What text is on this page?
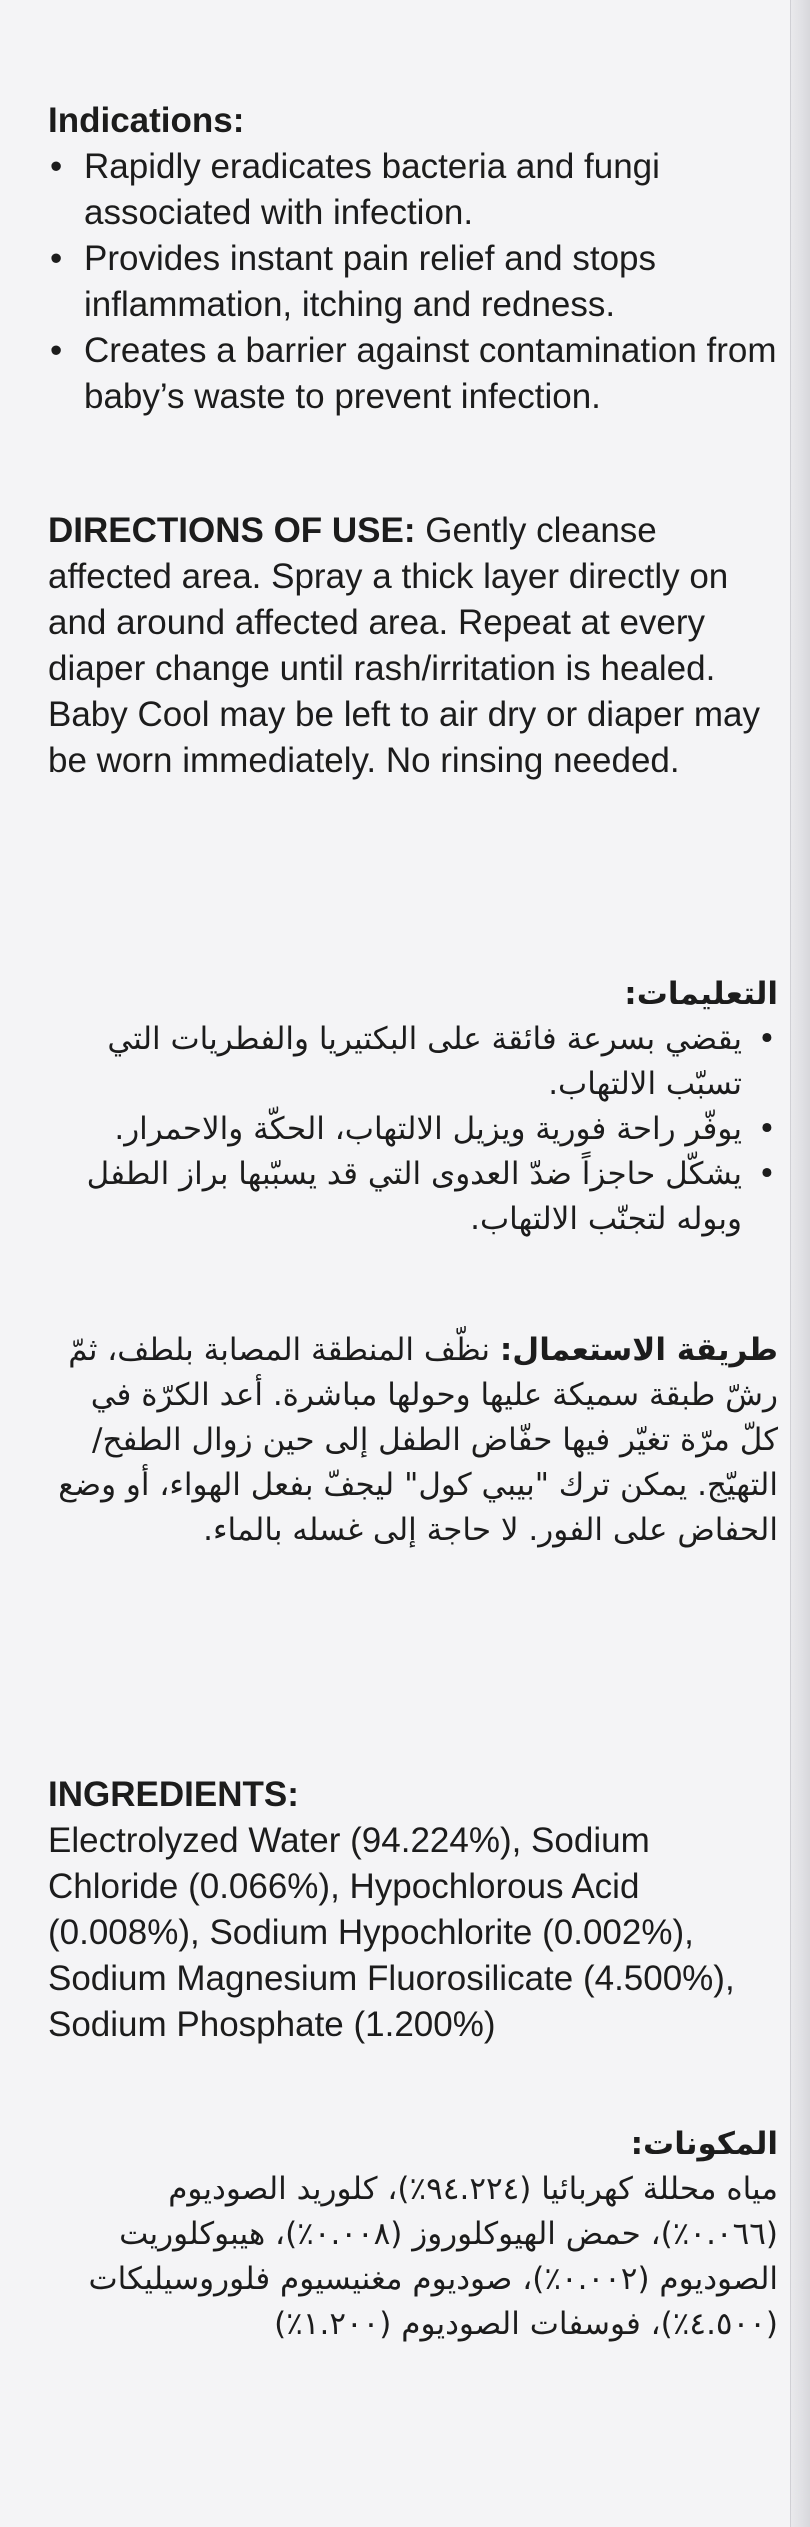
Indications:
• Rapidly eradicates bacteria and fungi associated with infection.
• Provides instant pain relief and stops inflammation, itching and redness.
• Creates a barrier against contamination from baby’s waste to prevent infection.

DIRECTIONS OF USE: Gently cleanse affected area. Spray a thick layer directly on and around affected area. Repeat at every diaper change until rash/irritation is healed. Baby Cool may be left to air dry or diaper may be worn immediately. No rinsing needed.

التعليمات:
• يقضي بسرعة فائقة على البكتيريا والفطريات التي تسبّب الالتهاب.
• يوفّر راحة فورية ويزيل الالتهاب، الحكّة والاحمرار.
• يشكّل حاجزاً ضدّ العدوى التي قد يسبّبها براز الطفل وبوله لتجنّب الالتهاب.

طريقة الاستعمال: نظّف المنطقة المصابة بلطف، ثمّ رشّ طبقة سميكة عليها وحولها مباشرة. أعد الكرّة في كلّ مرّة تغيّر فيها حفّاض الطفل إلى حين زوال الطفح/التهيّج. يمكن ترك "بيبي كول" ليجفّ بفعل الهواء، أو وضع الحفاض على الفور. لا حاجة إلى غسله بالماء.

INGREDIENTS:

Electrolyzed Water (94.224%), Sodium Chloride (0.066%), Hypochlorous Acid (0.008%), Sodium Hypochlorite (0.002%), Sodium Magnesium Fluorosilicate (4.500%), Sodium Phosphate (1.200%)

المكونات:

مياه محللة كهربائيا (٩٤.٢٢٤٪)، كلوريد الصوديوم (٠.٠٦٦٪)، حمض الهيوكلوروز (٠.٠٠٨٪)، هيبوكلوريت الصوديوم (٠.٠٠٢٪)، صوديوم مغنيسيوم فلوروسيليكات (٤.٥٠٠٪)، فوسفات الصوديوم (١.٢٠٠٪)
